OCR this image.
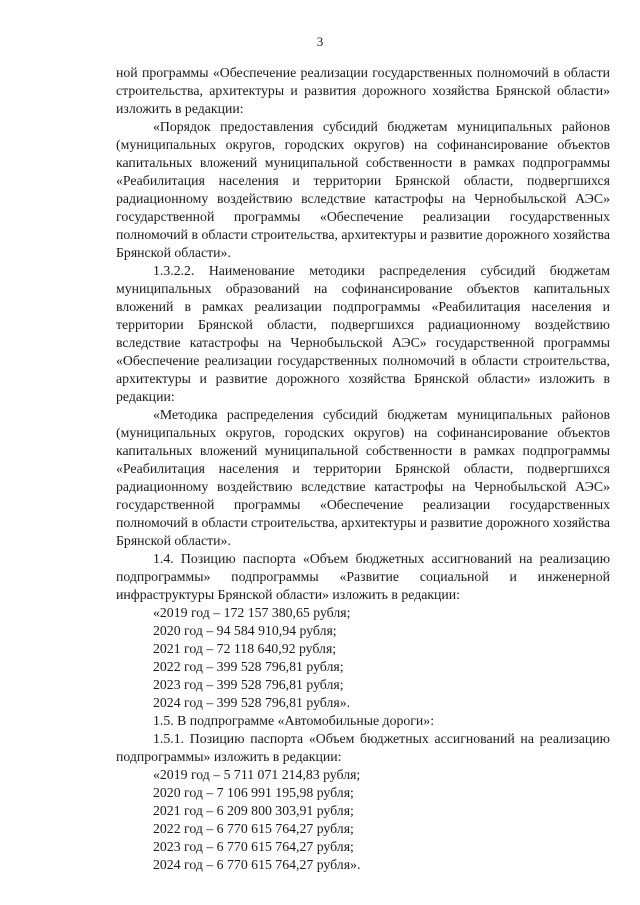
3

ной программы «Обеспечение реализации государственных полномочий в области строительства, архитектуры и развития дорожного хозяйства Брянской области» изложить в редакции:

«Порядок предоставления субсидий бюджетам муниципальных районов (муниципальных округов, городских округов) на софинансирование объектов капитальных вложений муниципальной собственности в рамках подпрограммы «Реабилитация населения и территории Брянской области, подвергшихся радиационному воздействию вследствие катастрофы на Чернобыльской АЭС» государственной программы «Обеспечение реализации государственных полномочий в области строительства, архитектуры и развитие дорожного хозяйства Брянской области».

1.3.2.2. Наименование методики распределения субсидий бюджетам муниципальных образований на софинансирование объектов капитальных вложений в рамках реализации подпрограммы «Реабилитация населения и территории Брянской области, подвергшихся радиационному воздействию вследствие катастрофы на Чернобыльской АЭС» государственной программы «Обеспечение реализации государственных полномочий в области строительства, архитектуры и развитие дорожного хозяйства Брянской области» изложить в редакции:

«Методика распределения субсидий бюджетам муниципальных районов (муниципальных округов, городских округов) на софинансирование объектов капитальных вложений муниципальной собственности в рамках подпрограммы «Реабилитация населения и территории Брянской области, подвергшихся радиационному воздействию вследствие катастрофы на Чернобыльской АЭС» государственной программы «Обеспечение реализации государственных полномочий в области строительства, архитектуры и развитие дорожного хозяйства Брянской области».

1.4. Позицию паспорта «Объем бюджетных ассигнований на реализацию подпрограммы» подпрограммы «Развитие социальной и инженерной инфраструктуры Брянской области» изложить в редакции:

«2019 год – 172 157 380,65 рубля;

2020 год – 94 584 910,94 рубля;

2021 год – 72 118 640,92 рубля;

2022 год – 399 528 796,81 рубля;

2023 год – 399 528 796,81 рубля;

2024 год – 399 528 796,81 рубля».

1.5. В подпрограмме «Автомобильные дороги»:

1.5.1. Позицию паспорта «Объем бюджетных ассигнований на реализацию подпрограммы» изложить в редакции:

«2019 год – 5 711 071 214,83 рубля;

2020 год – 7 106 991 195,98 рубля;

2021 год – 6 209 800 303,91 рубля;

2022 год – 6 770 615 764,27 рубля;

2023 год – 6 770 615 764,27 рубля;

2024 год – 6 770 615 764,27 рубля».
